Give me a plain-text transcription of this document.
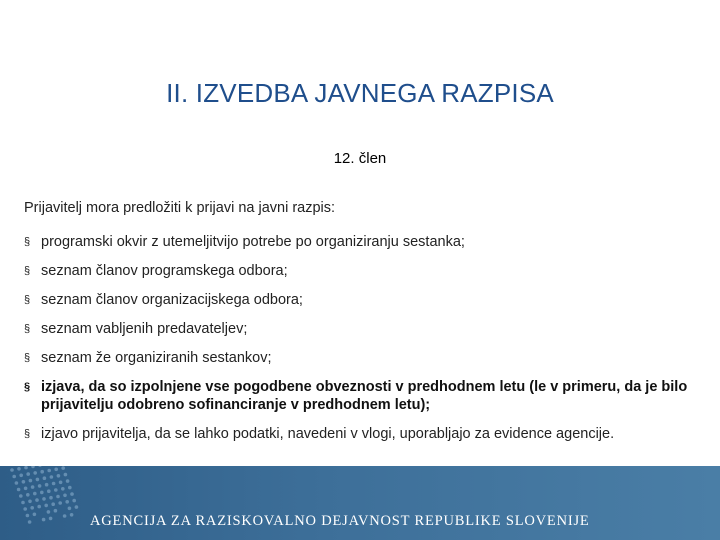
II. IZVEDBA JAVNEGA RAZPISA
12. člen
Prijavitelj mora predložiti k prijavi na javni razpis:
§ programski okvir z utemeljitvijo potrebe po organiziranju sestanka;
§ seznam članov programskega odbora;
§ seznam članov organizacijskega odbora;
§ seznam vabljenih predavateljev;
§ seznam že organiziranih sestankov;
§ izjava, da so izpolnjene vse pogodbene obveznosti v predhodnem letu (le v primeru, da je bilo prijavitelju odobreno sofinanciranje v predhodnem letu);
§ izjavo prijavitelja, da se lahko podatki, navedeni v vlogi, uporabljajo za evidence agencije.
AGENCIJA ZA RAZISKOVALNO DEJAVNOST REPUBLIKE SLOVENIJE
